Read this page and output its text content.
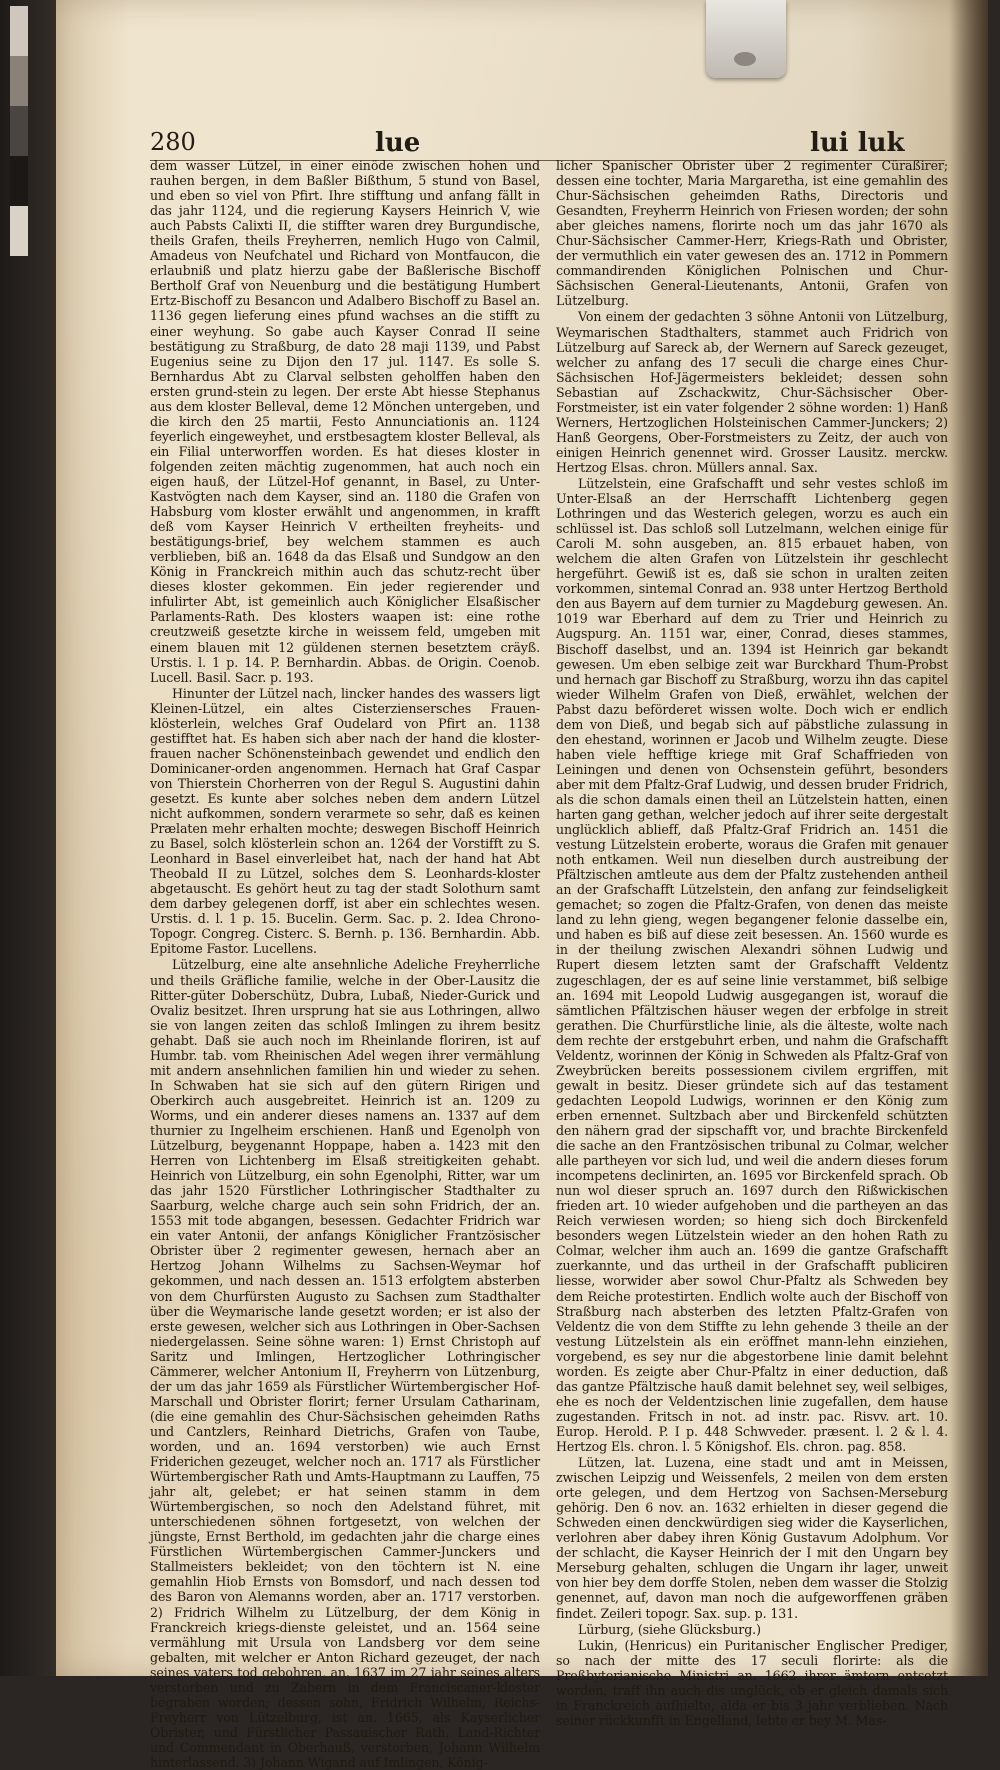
280	lue	lui luk

dem wasser Lützel, in einer einöde zwischen hohen und rauhen bergen, in dem Baßler Bißthum, 5 stund von Basel, und eben so viel von Pfirt. Ihre stifftung und anfang fällt in das jahr 1124, und die regierung Kaysers Heinrich V, wie auch Pabsts Calixti II, die stiffter waren drey Burgundische, theils Grafen, theils Freyherren, nemlich Hugo von Calmil, Amadeus von Neufchatel und Richard von Montfaucon, die erlaubniß und platz hierzu gabe der Baßlerische Bischoff Bertholf Graf von Neuenburg und die bestätigung Humbert Ertz-Bischoff zu Besancon und Adalbero Bischoff zu Basel an. 1136 gegen lieferung eines pfund wachses an die stifft zu einer weyhung. So gabe auch Kayser Conrad II seine bestätigung zu Straßburg, de dato 28 maji 1139, und Pabst Eugenius seine zu Dijon den 17 jul. 1147. Es solle S. Bernhardus Abt zu Clarval selbsten geholffen haben den ersten grund-stein zu legen. Der erste Abt hiesse Stephanus aus dem kloster Belleval, deme 12 Mönchen untergeben, und die kirch den 25 martii, Festo Annunciationis an. 1124 feyerlich eingeweyhet, und erstbesagtem kloster Belleval, als ein Filial unterworffen worden. Es hat dieses kloster in folgenden zeiten mächtig zugenommen, hat auch noch ein eigen hauß, der Lützel-Hof genannt, in Basel, zu Unter-Kastvögten nach dem Kayser, sind an. 1180 die Grafen von Habsburg vom kloster erwählt und angenommen, in krafft deß vom Kayser Heinrich V ertheilten freyheits- und bestätigungs-brief, bey welchem stammen es auch verblieben, biß an. 1648 da das Elsaß und Sundgow an den König in Franckreich mithin auch das schutz-recht über dieses kloster gekommen. Ein jeder regierender und infulirter Abt, ist gemeinlich auch Königlicher Elsaßischer Parlaments-Rath. Des klosters waapen ist: eine rothe creutzweiß gesetzte kirche in weissem feld, umgeben mit einem blauen mit 12 güldenen sternen besetztem cräyß. Urstis. l. 1 p. 14. P. Bernhardin. Abbas. de Origin. Coenob. Lucell. Basil. Sacr. p. 193.

Hinunter der Lützel nach, lincker handes des wassers ligt Kleinen-Lützel, ein altes Cisterziensersches Frauen-klösterlein, welches Graf Oudelard von Pfirt an. 1138 gestifftet hat. Es haben sich aber nach der hand die kloster-frauen nacher Schönensteinbach gewendet und endlich den Dominicaner-orden angenommen. Hernach hat Graf Caspar von Thierstein Chorherren von der Regul S. Augustini dahin gesetzt. Es kunte aber solches neben dem andern Lützel nicht aufkommen, sondern verarmete so sehr, daß es keinen Prælaten mehr erhalten mochte; deswegen Bischoff Heinrich zu Basel, solch klösterlein schon an. 1264 der Vorstifft zu S. Leonhard in Basel einverleibet hat, nach der hand hat Abt Theobald II zu Lützel, solches dem S. Leonhards-kloster abgetauscht. Es gehört heut zu tag der stadt Solothurn samt dem darbey gelegenen dorff, ist aber ein schlechtes wesen. Urstis. d. l. 1 p. 15. Bucelin. Germ. Sac. p. 2. Idea Chrono-Topogr. Congreg. Cisterc. S. Bernh. p. 136. Bernhardin. Abb. Epitome Fastor. Lucellens.

Lützelburg, eine alte ansehnliche Adeliche Freyherrliche und theils Gräfliche familie, welche in der Ober-Lausitz die Ritter-güter Doberschütz, Dubra, Lubaß, Nieder-Gurick und Ovaliz besitzet. Ihren ursprung hat sie aus Lothringen, allwo sie von langen zeiten das schloß Imlingen zu ihrem besitz gehabt. Daß sie auch noch im Rheinlande floriren, ist auf Humbr. tab. vom Rheinischen Adel wegen ihrer vermählung mit andern ansehnlichen familien hin und wieder zu sehen. In Schwaben hat sie sich auf den gütern Ririgen und Oberkirch auch ausgebreitet. Heinrich ist an. 1209 zu Worms, und ein anderer dieses namens an. 1337 auf dem thurnier zu Ingelheim erschienen. Hanß und Egenolph von Lützelburg, beygenannt Hoppape, haben a. 1423 mit den Herren von Lichtenberg im Elsaß streitigkeiten gehabt. Heinrich von Lützelburg, ein sohn Egenolphi, Ritter, war um das jahr 1520 Fürstlicher Lothringischer Stadthalter zu Saarburg, welche charge auch sein sohn Fridrich, der an. 1553 mit tode abgangen, besessen. Gedachter Fridrich war ein vater Antonii, der anfangs Königlicher Frantzösischer Obrister über 2 regimenter gewesen, hernach aber an Hertzog Johann Wilhelms zu Sachsen-Weymar hof gekommen, und nach dessen an. 1513 erfolgtem absterben von dem Churfürsten Augusto zu Sachsen zum Stadthalter über die Weymarische lande gesetzt worden; er ist also der erste gewesen, welcher sich aus Lothringen in Ober-Sachsen niedergelassen. Seine söhne waren: 1) Ernst Christoph auf Saritz und Imlingen, Hertzoglicher Lothringischer Cämmerer, welcher Antonium II, Freyherrn von Lützenburg, der um das jahr 1659 als Fürstlicher Würtembergischer Hof-Marschall und Obrister florirt; ferner Ursulam Catharinam, (die eine gemahlin des Chur-Sächsischen geheimden Raths und Cantzlers, Reinhard Dietrichs, Grafen von Taube, worden, und an. 1694 verstorben) wie auch Ernst Friderichen gezeuget, welcher noch an. 1717 als Fürstlicher Würtembergischer Rath und Amts-Hauptmann zu Lauffen, 75 jahr alt, gelebet; er hat seinen stamm in dem Würtembergischen, so noch den Adelstand führet, mit unterschiedenen söhnen fortgesetzt, von welchen der jüngste, Ernst Berthold, im gedachten jahr die charge eines Fürstlichen Würtembergischen Cammer-Junckers und Stallmeisters bekleidet; von den töchtern ist N. eine gemahlin Hiob Ernsts von Bomsdorf, und nach dessen tod des Baron von Alemanns worden, aber an. 1717 verstorben. 2) Fridrich Wilhelm zu Lützelburg, der dem König in Franckreich kriegs-dienste geleistet, und an. 1564 seine vermählung mit Ursula von Landsberg vor dem seine gebalten, mit welcher er Anton Richard gezeuget, der nach seines vaters tod gebohren, an. 1637 im 27 jahr seines alters verstorben und zu Zabern in dem Franciscaner-kloster begraben worden; dessen sohn, Fridrich Wilhelm, Reichs-Freyherr von Lützelburg, ist an. 1665, als Kayserlicher Obrister, und Fürstlicher Passauischer Rath, Land-Richter und Commendant in Oberhauß, verstorben, Johann Wilhelm hinterlassend. 3) Johann Wigand auf Imlingen, König-

licher Spanischer Obrister über 2 regimenter Cüraßirer; dessen eine tochter, Maria Margaretha, ist eine gemahlin des Chur-Sächsischen geheimden Raths, Directoris und Gesandten, Freyherrn Heinrich von Friesen worden; der sohn aber gleiches namens, florirte noch um das jahr 1670 als Chur-Sächsischer Cammer-Herr, Kriegs-Rath und Obrister, der vermuthlich ein vater gewesen des an. 1712 in Pommern commandirenden Königlichen Polnischen und Chur-Sächsischen General-Lieutenants, Antonii, Grafen von Lützelburg.

Von einem der gedachten 3 söhne Antonii von Lützelburg, Weymarischen Stadthalters, stammet auch Fridrich von Lützelburg auf Sareck ab, der Wernern auf Sareck gezeuget, welcher zu anfang des 17 seculi die charge eines Chur-Sächsischen Hof-Jägermeisters bekleidet; dessen sohn Sebastian auf Zschackwitz, Chur-Sächsischer Ober-Forstmeister, ist ein vater folgender 2 söhne worden: 1) Hanß Werners, Hertzoglichen Holsteinischen Cammer-Junckers; 2) Hanß Georgens, Ober-Forstmeisters zu Zeitz, der auch von einigen Heinrich genennet wird. Grosser Lausitz. merckw. Hertzog Elsas. chron. Müllers annal. Sax.

Lützelstein, eine Grafschafft und sehr vestes schloß im Unter-Elsaß an der Herrschafft Lichtenberg gegen Lothringen und das Westerich gelegen, worzu es auch ein schlüssel ist. Das schloß soll Lutzelmann, welchen einige für Caroli M. sohn ausgeben, an. 815 erbauet haben, von welchem die alten Grafen von Lützelstein ihr geschlecht hergeführt. Gewiß ist es, daß sie schon in uralten zeiten vorkommen, sintemal Conrad an. 938 unter Hertzog Berthold den aus Bayern auf dem turnier zu Magdeburg gewesen. An. 1019 war Eberhard auf dem zu Trier und Heinrich zu Augspurg. An. 1151 war, einer, Conrad, dieses stammes, Bischoff daselbst, und an. 1394 ist Heinrich gar bekandt gewesen. Um eben selbige zeit war Burckhard Thum-Probst und hernach gar Bischoff zu Straßburg, worzu ihn das capitel wieder Wilhelm Grafen von Dieß, erwählet, welchen der Pabst dazu beförderet wissen wolte. Doch wich er endlich dem von Dieß, und begab sich auf päbstliche zulassung in den ehestand, worinnen er Jacob und Wilhelm zeugte. Diese haben viele hefftige kriege mit Graf Schaffrieden von Leiningen und denen von Ochsenstein geführt, besonders aber mit dem Pfaltz-Graf Ludwig, und dessen bruder Fridrich, als die schon damals einen theil an Lützelstein hatten, einen harten gang gethan, welcher jedoch auf ihrer seite dergestalt unglücklich ablieff, daß Pfaltz-Graf Fridrich an. 1451 die vestung Lützelstein eroberte, woraus die Grafen mit genauer noth entkamen. Weil nun dieselben durch austreibung der Pfältzischen amtleute aus dem der Pfaltz zustehenden antheil an der Grafschafft Lützelstein, den anfang zur feindseligkeit gemachet; so zogen die Pfaltz-Grafen, von denen das meiste land zu lehn gieng, wegen begangener felonie dasselbe ein, und haben es biß auf diese zeit besessen. An. 1560 wurde es in der theilung zwischen Alexandri söhnen Ludwig und Rupert diesem letzten samt der Grafschafft Veldentz zugeschlagen, der es auf seine linie verstammet, biß selbige an. 1694 mit Leopold Ludwig ausgegangen ist, worauf die sämtlichen Pfältzischen häuser wegen der erbfolge in streit gerathen. Die Churfürstliche linie, als die älteste, wolte nach dem rechte der erstgebuhrt erben, und nahm die Grafschafft Veldentz, worinnen der König in Schweden als Pfaltz-Graf von Zweybrücken bereits possessionem civilem ergriffen, mit gewalt in besitz. Dieser gründete sich auf das testament gedachten Leopold Ludwigs, worinnen er den König zum erben ernennet. Sultzbach aber und Birckenfeld schützten den nähern grad der sipschafft vor, und brachte Birckenfeld die sache an den Frantzösischen tribunal zu Colmar, welcher alle partheyen vor sich lud, und weil die andern dieses forum incompetens declinirten, an. 1695 vor Birckenfeld sprach. Ob nun wol dieser spruch an. 1697 durch den Rißwickischen frieden art. 10 wieder aufgehoben und die partheyen an das Reich verwiesen worden; so hieng sich doch Birckenfeld besonders wegen Lützelstein wieder an den hohen Rath zu Colmar, welcher ihm auch an. 1699 die gantze Grafschafft zuerkannte, und das urtheil in der Grafschafft publiciren liesse, worwider aber sowol Chur-Pfaltz als Schweden bey dem Reiche protestirten. Endlich wolte auch der Bischoff von Straßburg nach absterben des letzten Pfaltz-Grafen von Veldentz die von dem Stiffte zu lehn gehende 3 theile an der vestung Lützelstein als ein eröffnet mann-lehn einziehen, vorgebend, es sey nur die abgestorbene linie damit belehnt worden. Es zeigte aber Chur-Pfaltz in einer deduction, daß das gantze Pfältzische hauß damit belehnet sey, weil selbiges, ehe es noch der Veldentzischen linie zugefallen, dem hause zugestanden. Fritsch in not. ad instr. pac. Risvv. art. 10. Europ. Herold. P. I p. 448 Schwveder. præsent. l. 2 & l. 4. Hertzog Els. chron. l. 5 Königshof. Els. chron. pag. 858.

Lützen, lat. Luzena, eine stadt und amt in Meissen, zwischen Leipzig und Weissenfels, 2 meilen von dem ersten orte gelegen, und dem Hertzog von Sachsen-Merseburg gehörig. Den 6 nov. an. 1632 erhielten in dieser gegend die Schweden einen denckwürdigen sieg wider die Kayserlichen, verlohren aber dabey ihren König Gustavum Adolphum. Vor der schlacht, die Kayser Heinrich der I mit den Ungarn bey Merseburg gehalten, schlugen die Ungarn ihr lager, unweit von hier bey dem dorffe Stolen, neben dem wasser die Stolzig genennet, auf, davon man noch die aufgeworffenen gräben findet. Zeileri topogr. Sax. sup. p. 131.

Lürburg, (siehe Glücksburg.)

Lukin, (Henricus) ein Puritanischer Englischer Prediger, so nach der mitte des 17 seculi florirte: als die Preßbyterianische Ministri an. 1662 ihrer ämtern entsetzt worden, traff ihn auch dis unglück, ob er gleich damals sich in Franckreich aufhielte, alda er bis 3 jahr verblieben. Nach seiner rückkunfft in Engelland, lebte er bey M. Mas-
